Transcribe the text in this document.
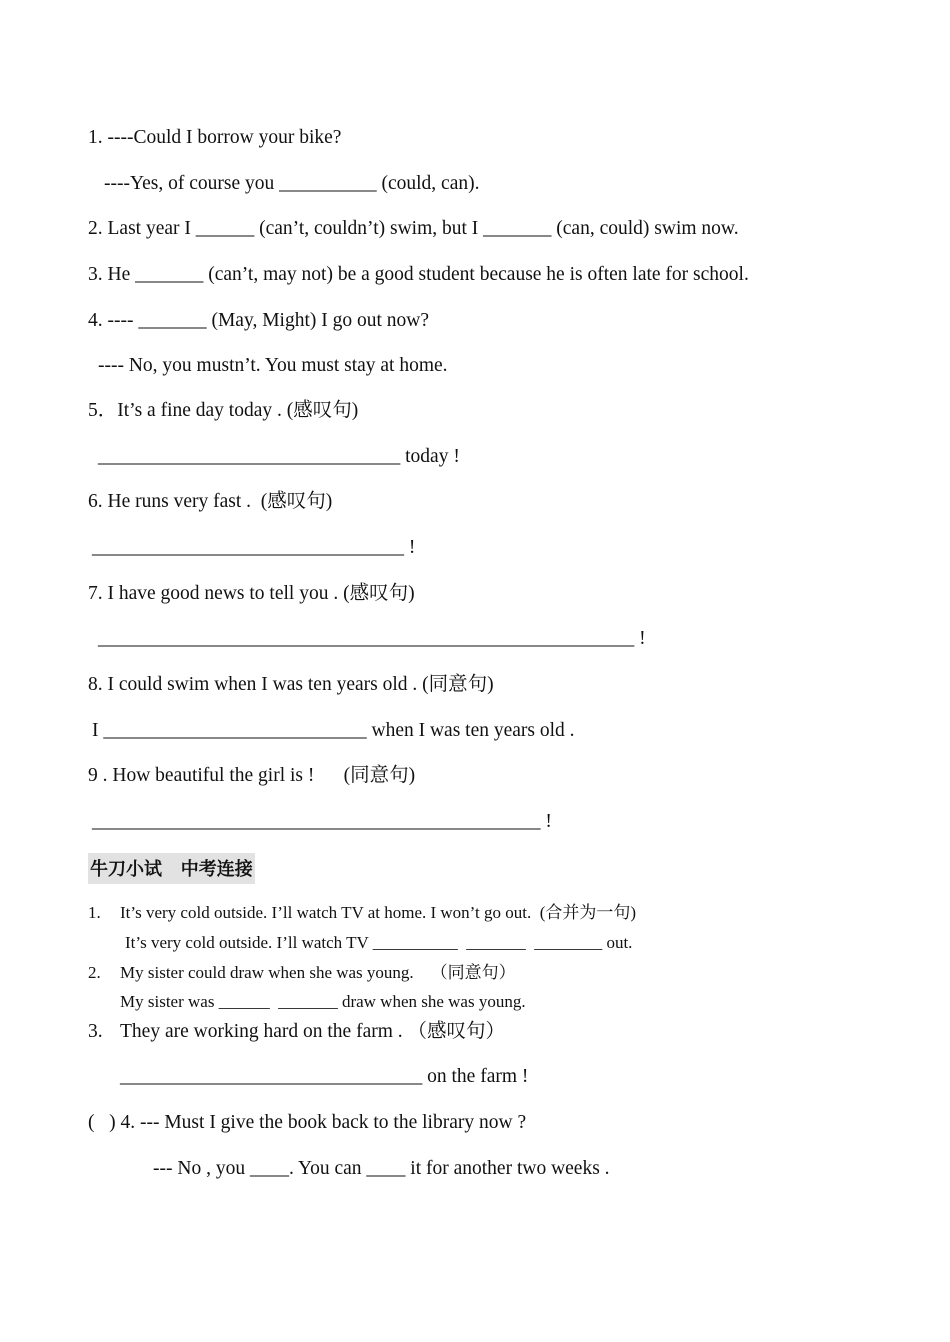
1. ----Could I borrow your bike?
----Yes, of course you __________ (could, can).
2. Last year I ______ (can’t, couldn’t) swim, but I _______ (can, could) swim now.
3. He _______ (can’t, may not) be a good student because he is often late for school.
4. ---- _______ (May, Might) I go out now?
---- No, you mustn’t. You must stay at home.
5．It’s a fine day today . (感叹句)
_______________________________ today !
6. He runs very fast .  (感叹句)
________________________________ !
7. I have good news to tell you . (感叹句)
_______________________________________________________ !
8. I could swim when I was ten years old . (同意句)
I ___________________________ when I was ten years old .
9 . How beautiful the girl is !      (同意句)
______________________________________________ !
牛刀小试   中考连接
1. It’s very cold outside. I’ll watch TV at home. I won’t go out.  (合并为一句)
It’s very cold outside. I’ll watch TV __________  _______  ________ out.
2. My sister could draw when she was young.    （同意句）
My sister was ______  _______ draw when she was young.
3. They are working hard on the farm . （感叹句）
_______________________________ on the farm !
(   ) 4. --- Must I give the book back to the library now ?
--- No , you ____. You can ____ it for another two weeks .
